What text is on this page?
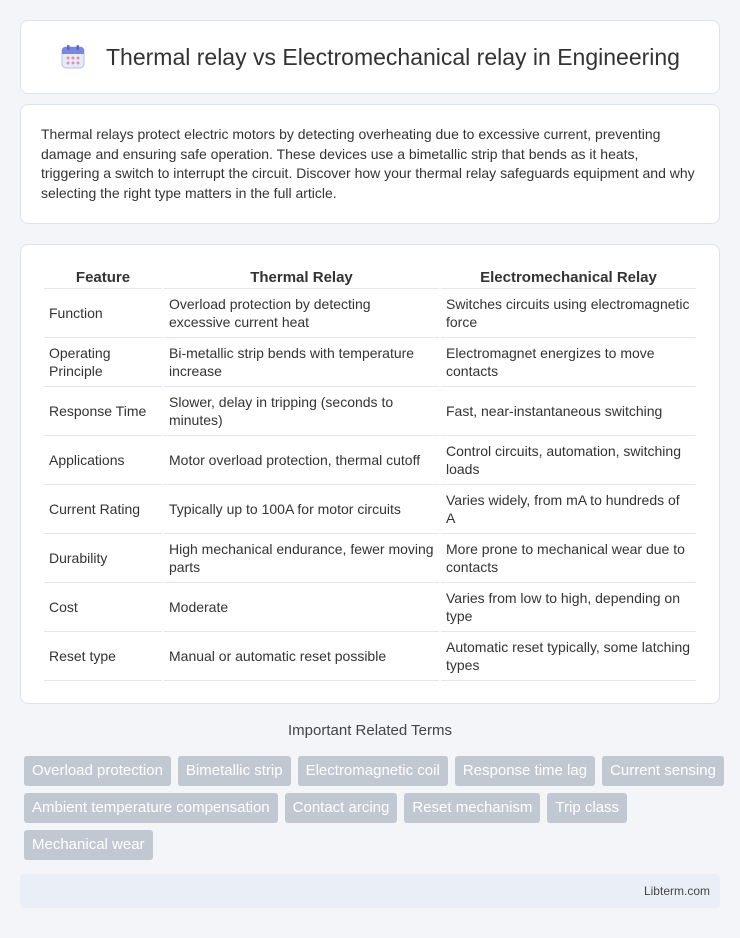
Thermal relay vs Electromechanical relay in Engineering

Thermal relays protect electric motors by detecting overheating due to excessive current, preventing damage and ensuring safe operation. These devices use a bimetallic strip that bends as it heats, triggering a switch to interrupt the circuit. Discover how your thermal relay safeguards equipment and why selecting the right type matters in the full article.

Feature	Thermal Relay	Electromechanical Relay
Function	Overload protection by detecting excessive current heat	Switches circuits using electromagnetic force
Operating Principle	Bi-metallic strip bends with temperature increase	Electromagnet energizes to move contacts
Response Time	Slower, delay in tripping (seconds to minutes)	Fast, near-instantaneous switching
Applications	Motor overload protection, thermal cutoff	Control circuits, automation, switching loads
Current Rating	Typically up to 100A for motor circuits	Varies widely, from mA to hundreds of A
Durability	High mechanical endurance, fewer moving parts	More prone to mechanical wear due to contacts
Cost	Moderate	Varies from low to high, depending on type
Reset type	Manual or automatic reset possible	Automatic reset typically, some latching types
Important Related Terms
Overload protection	Bimetallic strip	Electromagnetic coil	Response time lag	Current sensing
Ambient temperature compensation	Contact arcing	Reset mechanism	Trip class
Mechanical wear
Libterm.com
